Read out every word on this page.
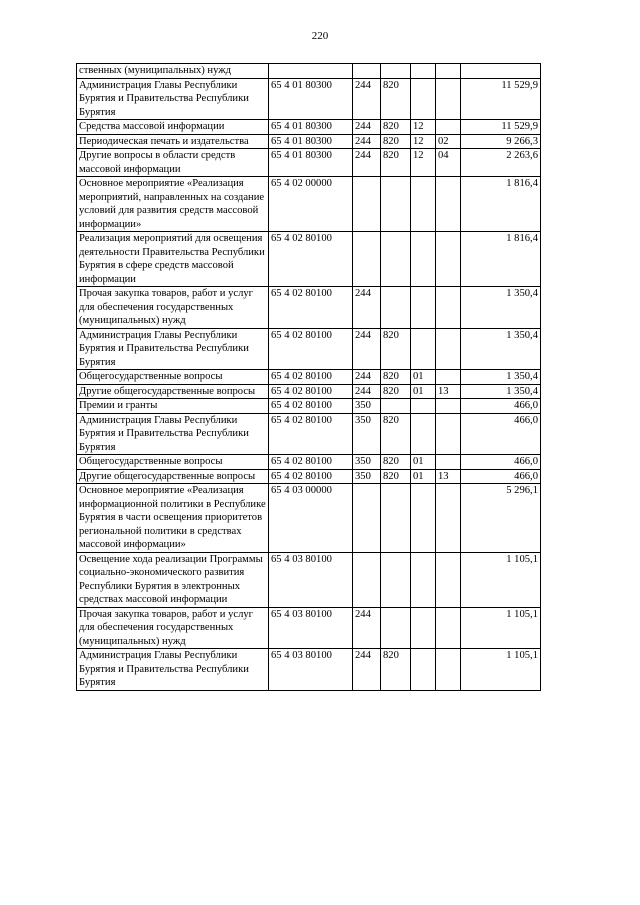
220
ственных (муниципальных) нужд						
Администрация Главы Республики Бурятия и Правительства Республики Бурятия	65 4 01 80300	244	820			11 529,9
Средства массовой информации	65 4 01 80300	244	820	12		11 529,9
Периодическая печать и издательства	65 4 01 80300	244	820	12	02	9 266,3
Другие вопросы в области средств массовой информации	65 4 01 80300	244	820	12	04	2 263,6
Основное мероприятие «Реализация мероприятий, направленных на создание условий для развития средств массовой информации»	65 4 02 00000					1 816,4
Реализация мероприятий для освещения деятельности Правительства Республики Бурятия в сфере средств массовой информации	65 4 02 80100					1 816,4
Прочая закупка товаров, работ и услуг для обеспечения государственных (муниципальных) нужд	65 4 02 80100	244				1 350,4
Администрация Главы Республики Бурятия и Правительства Республики Бурятия	65 4 02 80100	244	820			1 350,4
Общегосударственные вопросы	65 4 02 80100	244	820	01		1 350,4
Другие общегосударственные вопросы	65 4 02 80100	244	820	01	13	1 350,4
Премии и гранты	65 4 02 80100	350				466,0
Администрация Главы Республики Бурятия и Правительства Республики Бурятия	65 4 02 80100	350	820			466,0
Общегосударственные вопросы	65 4 02 80100	350	820	01		466,0
Другие общегосударственные вопросы	65 4 02 80100	350	820	01	13	466,0
Основное мероприятие «Реализация информационной политики в Республике Бурятия в части освещения приоритетов региональной политики в средствах массовой информации»	65 4 03 00000					5 296,1
Освещение хода реализации Программы социально-экономического развития Республики Бурятия в электронных средствах массовой информации	65 4 03 80100					1 105,1
Прочая закупка товаров, работ и услуг для обеспечения государственных (муниципальных) нужд	65 4 03 80100	244				1 105,1
Администрация Главы Республики Бурятия и Правительства Республики Бурятия	65 4 03 80100	244	820			1 105,1
